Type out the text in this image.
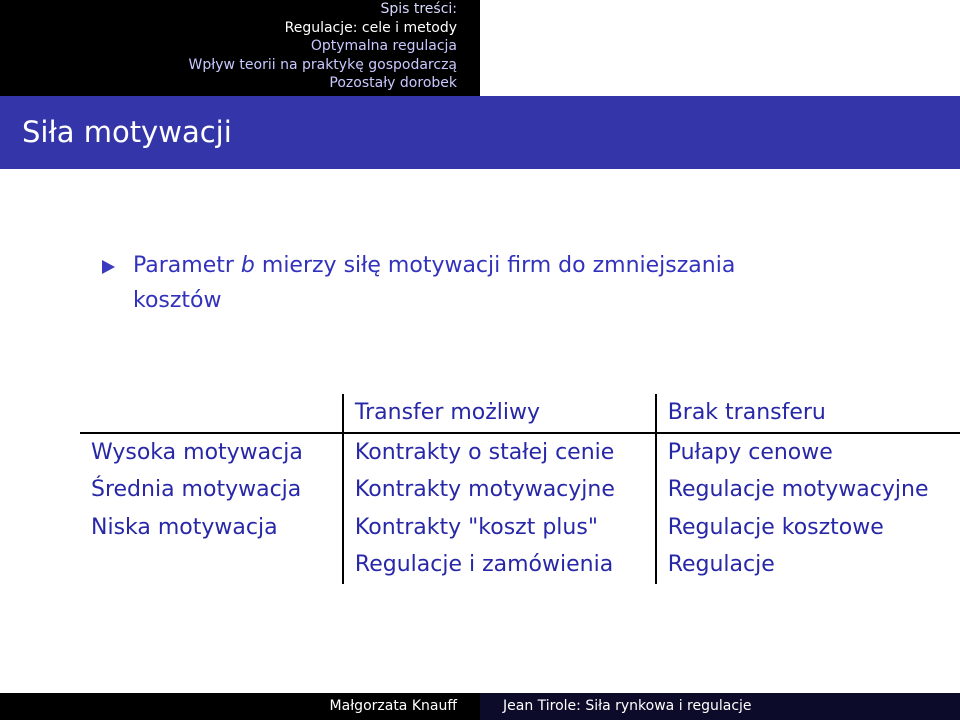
Spis treści:
Regulacje: cele i metody
Optymalna regulacja
Wpływ teorii na praktykę gospodarczą
Pozostały dorobek
Siła motywacji
Parametr b mierzy siłę motywacji firm do zmniejszania kosztów
	Transfer możliwy	Brak transferu
Wysoka motywacja	Kontrakty o stałej cenie	Pułapy cenowe
Średnia motywacja	Kontrakty motywacyjne	Regulacje motywacyjne
Niska motywacja	Kontrakty "koszt plus"	Regulacje kosztowe
	Regulacje i zamówienia	Regulacje
Małgorzata Knauff	Jean Tirole: Siła rynkowa i regulacje
